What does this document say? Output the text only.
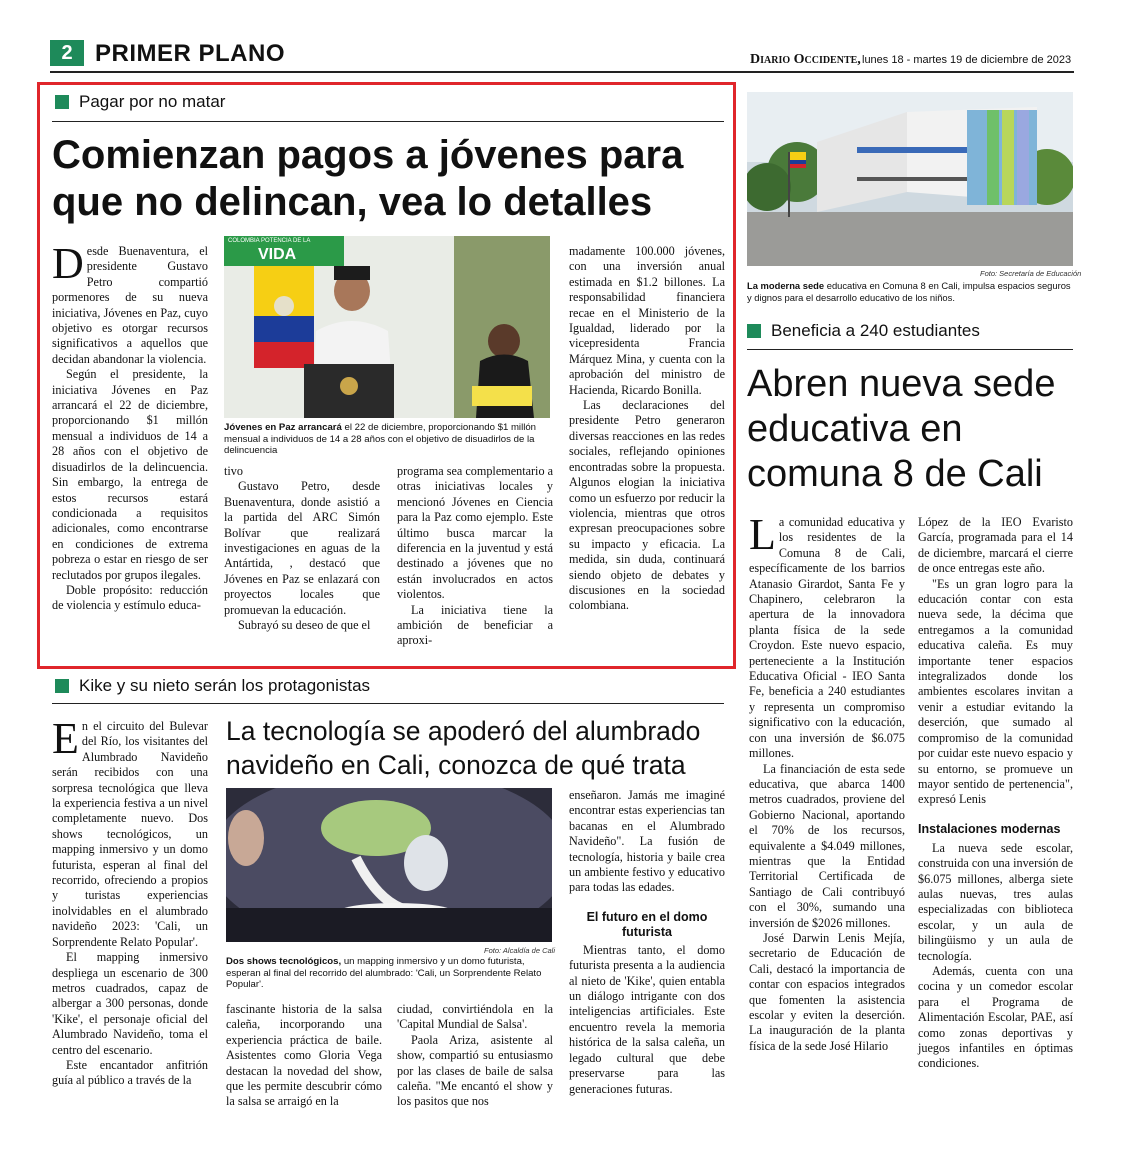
2 PRIMER PLANO	Diario Occidente, lunes 18 - martes 19 de diciembre de 2023
Pagar por no matar
Comienzan pagos a jóvenes para que no delincan, vea lo detalles

Desde Buenaventura, el presidente Gustavo Petro compartió pormenores de su nueva iniciativa, Jóvenes en Paz, cuyo objetivo es otorgar recursos significativos a aquellos que decidan abandonar la violencia.

Según el presidente, la iniciativa Jóvenes en Paz arrancará el 22 de diciembre, proporcionando $1 millón mensual a individuos de 14 a 28 años con el objetivo de disuadirlos de la delincuencia. Sin embargo, la entrega de estos recursos estará condicionada a requisitos adicionales, como encontrarse en condiciones de extrema pobreza o estar en riesgo de ser reclutados por grupos ilegales.

Doble propósito: reducción de violencia y estímulo educa-

COLOMBIA POTENCIA DE LA
VIDA
Jóvenes en Paz arrancará el 22 de diciembre, proporcionando $1 millón mensual a individuos de 14 a 28 años con el objetivo de disuadirlos de la delincuencia

tivo

Gustavo Petro, desde Buenaventura, donde asistió a la partida del ARC Simón Bolívar que realizará investigaciones en aguas de la Antártida, , destacó que Jóvenes en Paz se enlazará con proyectos locales que promuevan la educación.

Subrayó su deseo de que el

programa sea complementario a otras iniciativas locales y mencionó Jóvenes en Ciencia para la Paz como ejemplo. Este último busca marcar la diferencia en la juventud y está destinado a jóvenes que no están involucrados en actos violentos.

La iniciativa tiene la ambición de beneficiar a aproxi-

madamente 100.000 jóvenes, con una inversión anual estimada en $1.2 billones. La responsabilidad financiera recae en el Ministerio de la Igualdad, liderado por la vicepresidenta Francia Márquez Mina, y cuenta con la aprobación del ministro de Hacienda, Ricardo Bonilla.

Las declaraciones del presidente Petro generaron diversas reacciones en las redes sociales, reflejando opiniones encontradas sobre la propuesta. Algunos elogian la iniciativa como un esfuerzo por reducir la violencia, mientras que otros expresan preocupaciones sobre su impacto y eficacia. La medida, sin duda, continuará siendo objeto de debates y discusiones en la sociedad colombiana.

Foto: Secretaría de Educación
La moderna sede educativa en Comuna 8 en Cali, impulsa espacios seguros y dignos para el desarrollo educativo de los niños.
Beneficia a 240 estudiantes
Abren nueva sede educativa en comuna 8 de Cali

La comunidad educativa y los residentes de la Comuna 8 de Cali, específicamente de los barrios Atanasio Girardot, Santa Fe y Chapinero, celebraron la apertura de la innovadora planta física de la sede Croydon. Este nuevo espacio, perteneciente a la Institución Educativa Oficial - IEO Santa Fe, beneficia a 240 estudiantes y representa un compromiso significativo con la educación, con una inversión de $6.075 millones.

La financiación de esta sede educativa, que abarca 1400 metros cuadrados, proviene del Gobierno Nacional, aportando el 70% de los recursos, equivalente a $4.049 millones, mientras que la Entidad Territorial Certificada de Santiago de Cali contribuyó con el 30%, sumando una inversión de $2026 millones.

José Darwin Lenis Mejía, secretario de Educación de Cali, destacó la importancia de contar con espacios integrados que fomenten la asistencia escolar y eviten la deserción. La inauguración de la planta física de la sede José Hilario

López de la IEO Evaristo García, programada para el 14 de diciembre, marcará el cierre de once entregas este año.

"Es un gran logro para la educación contar con esta nueva sede, la décima que entregamos a la comunidad educativa caleña. Es muy importante tener espacios integralizados donde los ambientes escolares invitan a venir a estudiar evitando la deserción, que sumado al compromiso de la comunidad por cuidar este nuevo espacio y su entorno, se promueve un mayor sentido de pertenencia", expresó Lenis

Instalaciones modernas

La nueva sede escolar, construida con una inversión de $6.075 millones, alberga siete aulas nuevas, tres aulas especializadas con biblioteca escolar, y un aula de bilingüismo y un aula de tecnología.

Además, cuenta con una cocina y un comedor escolar para el Programa de Alimentación Escolar, PAE, así como zonas deportivas y juegos infantiles en óptimas condiciones.

Kike y su nieto serán los protagonistas

En el circuito del Bulevar del Río, los visitantes del Alumbrado Navideño serán recibidos con una sorpresa tecnológica que lleva la experiencia festiva a un nivel completamente nuevo. Dos shows tecnológicos, un mapping inmersivo y un domo futurista, esperan al final del recorrido, ofreciendo a propios y turistas experiencias inolvidables en el alumbrado navideño 2023: 'Cali, un Sorprendente Relato Popular'.

El mapping inmersivo despliega un escenario de 300 metros cuadrados, capaz de albergar a 300 personas, donde 'Kike', el personaje oficial del Alumbrado Navideño, toma el centro del escenario.

Este encantador anfitrión guía al público a través de la

La tecnología se apoderó del alumbrado navideño en Cali, conozca de qué trata
Foto: Alcaldía de Cali
Dos shows tecnológicos, un mapping inmersivo y un domo futurista, esperan al final del recorrido del alumbrado: 'Cali, un Sorprendente Relato Popular'.

fascinante historia de la salsa caleña, incorporando una experiencia práctica de baile. Asistentes como Gloria Vega destacan la novedad del show, que les permite descubrir cómo la salsa se arraigó en la

ciudad, convirtiéndola en la 'Capital Mundial de Salsa'.

Paola Ariza, asistente al show, compartió su entusiasmo por las clases de baile de salsa caleña. "Me encantó el show y los pasitos que nos

enseñaron. Jamás me imaginé encontrar estas experiencias tan bacanas en el Alumbrado Navideño". La fusión de tecnología, historia y baile crea un ambiente festivo y educativo para todas las edades.

El futuro en el domo futurista

Mientras tanto, el domo futurista presenta a la audiencia al nieto de 'Kike', quien entabla un diálogo intrigante con dos inteligencias artificiales. Este encuentro revela la memoria histórica de la salsa caleña, un legado cultural que debe preservarse para las generaciones futuras.
